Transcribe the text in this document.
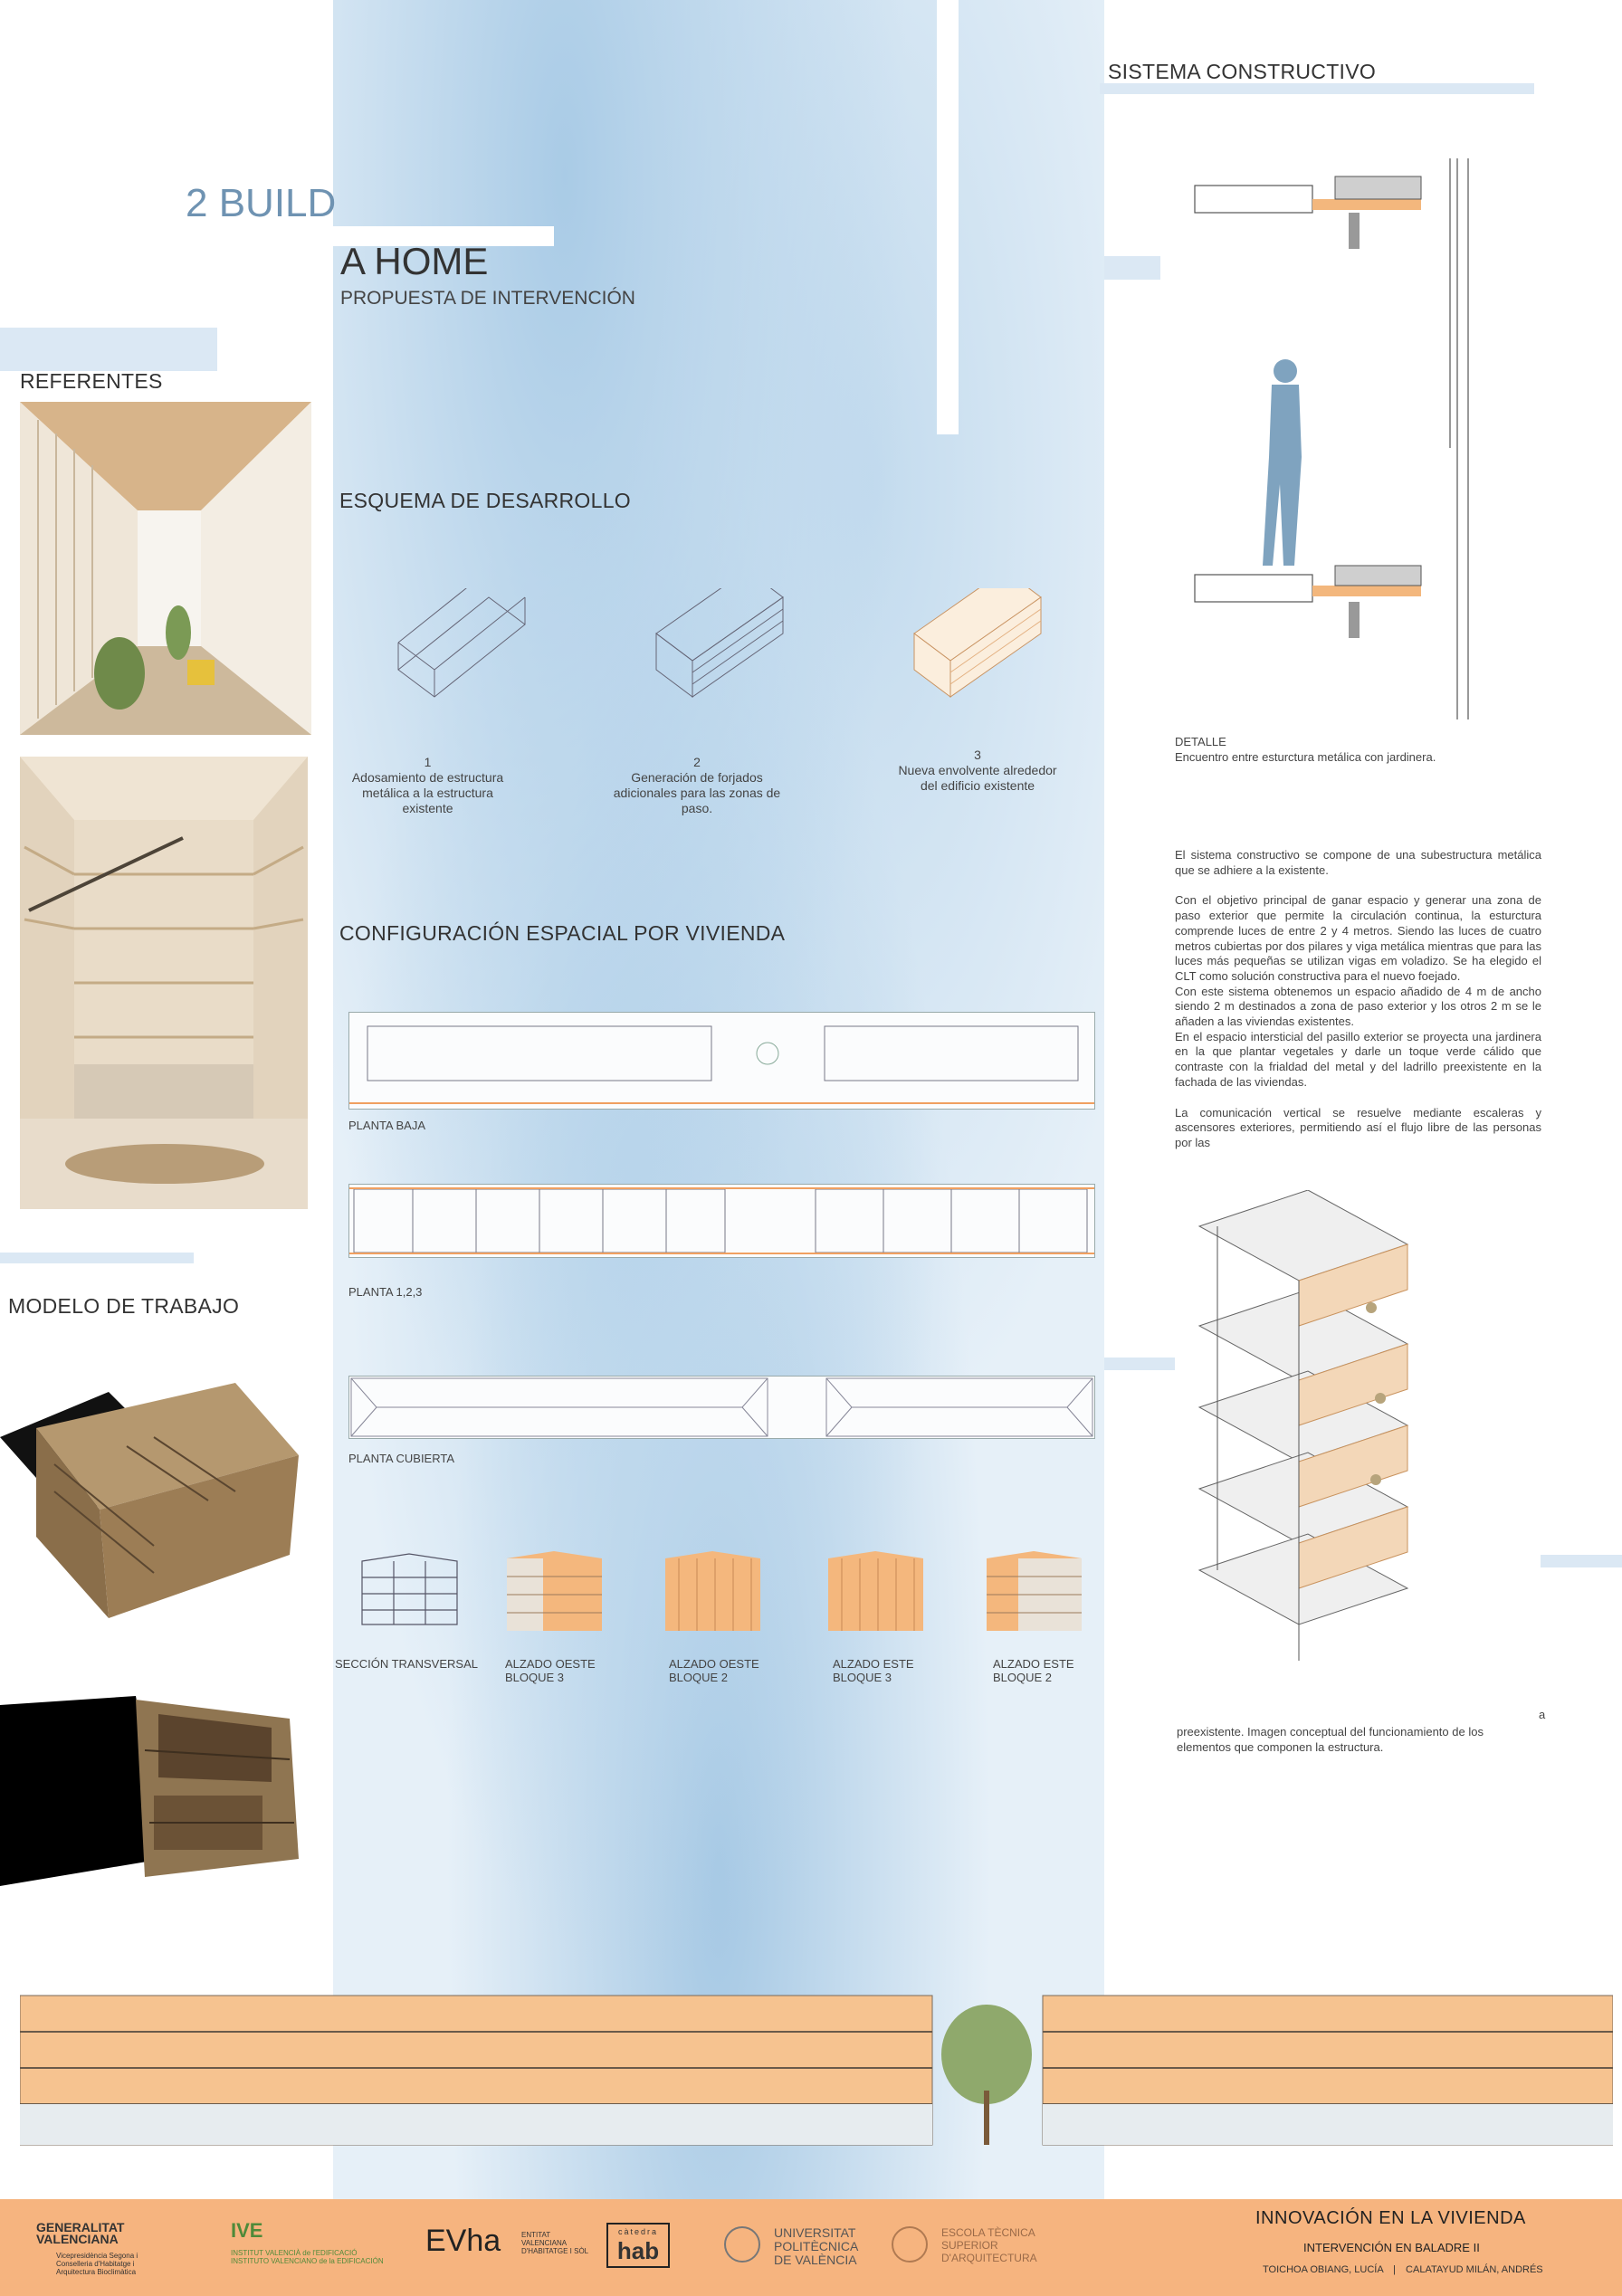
2 BUILD
A HOME
PROPUESTA DE INTERVENCIÓN
REFERENTES
MODELO DE TRABAJO
ESQUEMA DE DESARROLLO
CONFIGURACIÓN ESPACIAL POR VIVIENDA
SISTEMA CONSTRUCTIVO
1
Adosamiento de estructura metálica a la estructura existente
2
Generación de forjados adicionales para las zonas de paso.
3
Nueva envolvente alrededor del edificio existente
PLANTA BAJA
PLANTA 1,2,3
PLANTA CUBIERTA
SECCIÓN TRANSVERSAL ALZADO OESTE
BLOQUE 3
ALZADO OESTE
BLOQUE 2
ALZADO ESTE
BLOQUE 3
ALZADO ESTE
BLOQUE 2
DETALLE
Encuentro entre esturctura metálica con jardinera.

El sistema constructivo se compone de una subestructura metálica que se adhiere a la existente.

Con el objetivo principal de ganar espacio y generar una zona de paso exterior que permite la circulación continua, la esturctura comprende luces de entre 2 y 4 metros. Siendo las luces de cuatro metros cubiertas por dos pilares y viga metálica mientras que para las luces más pequeñas se utilizan vigas em voladizo. Se ha elegido el CLT como solución constructiva para el nuevo foejado.

Con este sistema obtenemos un espacio añadido de 4 m de ancho siendo 2 m destinados a zona de paso exterior y los otros 2 m se le añaden a las viviendas existentes.

En el espacio intersticial del pasillo exterior se proyecta una jardinera en la que plantar vegetales y darle un toque verde cálido que contraste con la frialdad del metal y del ladrillo preexistente en la fachada de las viviendas.

La comunicación vertical se resuelve mediante escaleras y ascensores exteriores, permitiendo así el flujo libre de las personas por las

a
preexistente. Imagen conceptual del funcionamiento de los elementos que componen la estructura.
GENERALITAT VALENCIANA
Vicepresidència Segona i Conselleria d'Habitatge i Arquitectura Bioclimàtica
IVE
INSTITUT VALENCIÀ de l'EDIFICACIÓ INSTITUTO VALENCIANO de la EDIFICACIÓN
EVha	ENTITAT VALENCIANA D'HABITATGE I SÒL
càtedra
hab
UNIVERSITAT POLITÈCNICA DE VALÈNCIA
ESCOLA TÈCNICA SUPERIOR D'ARQUITECTURA
INNOVACIÓN EN LA VIVIENDA
INTERVENCIÓN EN BALADRE II
TOICHOA OBIANG, LUCÍA | CALATAYUD MILÁN, ANDRÉS
